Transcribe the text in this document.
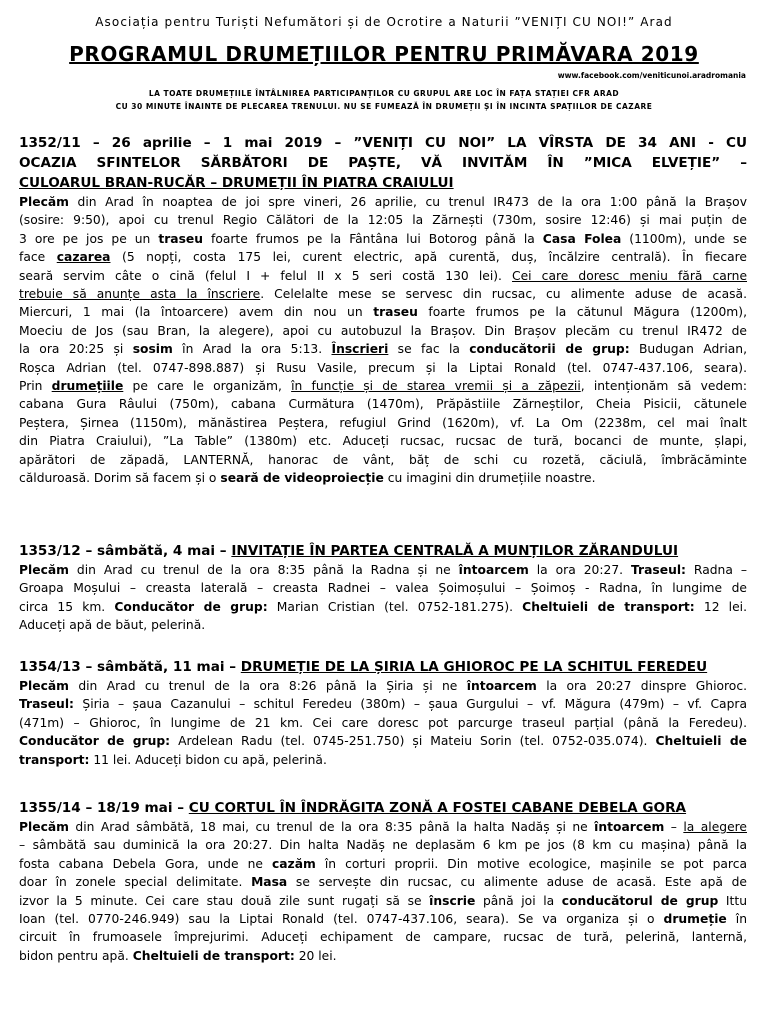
Asociația pentru Turiști Nefumători și de Ocrotire a Naturii ”VENIȚI CU NOI!” Arad
PROGRAMUL DRUMEȚIILOR PENTRU PRIMĂVARA 2019
www.facebook.com/veniticunoi.aradromania
LA TOATE DRUMEȚIILE ÎNTÂLNIREA PARTICIPANȚILOR CU GRUPUL ARE LOC ÎN FAȚA STAȚIEI CFR ARAD
CU 30 MINUTE ÎNAINTE DE PLECAREA TRENULUI. NU SE FUMEAZĂ ÎN DRUMEȚII ȘI ÎN INCINTA SPAȚIILOR DE CAZARE
1352/11 – 26 aprilie – 1 mai 2019 – ”VENIȚI CU NOI” LA VÎRSTA DE 34 ANI - CU
OCAZIA SFINTELOR SĂRBĂTORI DE PAȘTE, VĂ INVITĂM ÎN ”MICA ELVEȚIE” –
CULOARUL BRAN-RUCĂR – DRUMEȚII ÎN PIATRA CRAIULUI
Plecăm din Arad în noaptea de joi spre vineri, 26 aprilie, cu trenul IR473 de la ora 1:00 până la Brașov
(sosire: 9:50), apoi cu trenul Regio Călători de la 12:05 la Zărnești (730m, sosire 12:46) și mai puțin de
3 ore pe jos pe un traseu foarte frumos pe la Fântâna lui Botorog până la Casa Folea (1100m), unde se
face cazarea (5 nopți, costa 175 lei, curent electric, apă curentă, duș, încălzire centrală). În fiecare
seară servim câte o cină (felul I + felul II x 5 seri costă 130 lei). Cei care doresc meniu fără carne
trebuie să anunțe asta la înscriere. Celelalte mese se servesc din rucsac, cu alimente aduse de acasă.
Miercuri, 1 mai (la întoarcere) avem din nou un traseu foarte frumos pe la cătunul Măgura (1200m),
Moeciu de Jos (sau Bran, la alegere), apoi cu autobuzul la Brașov. Din Brașov plecăm cu trenul IR472 de
la ora 20:25 și sosim în Arad la ora 5:13. Înscrieri se fac la conducătorii de grup: Budugan Adrian,
Roșca Adrian (tel. 0747-898.887) și Rusu Vasile, precum și la Liptai Ronald (tel. 0747-437.106, seara).
Prin drumețiile pe care le organizăm, în funcție și de starea vremii și a zăpezii, intenționăm să vedem:
cabana Gura Râului (750m), cabana Curmătura (1470m), Prăpăstiile Zărneștilor, Cheia Pisicii, cătunele
Peștera, Șirnea (1150m), mănăstirea Peștera, refugiul Grind (1620m), vf. La Om (2238m, cel mai înalt
din Piatra Craiului), ”La Table” (1380m) etc. Aduceți rucsac, rucsac de tură, bocanci de munte, șlapi,
apărători de zăpadă, LANTERNĂ, hanorac de vânt, băț de schi cu rozetă, căciulă, îmbrăcăminte
călduroasă. Dorim să facem și o seară de videoproiecție cu imagini din drumețiile noastre.
1353/12 – sâmbătă, 4 mai – INVITAȚIE ÎN PARTEA CENTRALĂ A MUNȚILOR ZĂRANDULUI
Plecăm din Arad cu trenul de la ora 8:35 până la Radna și ne întoarcem la ora 20:27. Traseul: Radna –
Groapa Moșului – creasta laterală – creasta Radnei – valea Șoimoșului – Șoimoș - Radna, în lungime de
circa 15 km. Conducător de grup: Marian Cristian (tel. 0752-181.275). Cheltuieli de transport: 12 lei.
Aduceți apă de băut, pelerină.
1354/13 – sâmbătă, 11 mai – DRUMEȚIE DE LA ȘIRIA LA GHIOROC PE LA SCHITUL FEREDEU
Plecăm din Arad cu trenul de la ora 8:26 până la Șiria și ne întoarcem la ora 20:27 dinspre Ghioroc.
Traseul: Șiria – șaua Cazanului – schitul Feredeu (380m) – șaua Gurgului – vf. Măgura (479m) – vf. Capra
(471m) – Ghioroc, în lungime de 21 km. Cei care doresc pot parcurge traseul parțial (până la Feredeu).
Conducător de grup: Ardelean Radu (tel. 0745-251.750) și Mateiu Sorin (tel. 0752-035.074). Cheltuieli de
transport: 11 lei. Aduceți bidon cu apă, pelerină.
1355/14 – 18/19 mai – CU CORTUL ÎN ÎNDRĂGITA ZONĂ A FOSTEI CABANE DEBELA GORA
Plecăm din Arad sâmbătă, 18 mai, cu trenul de la ora 8:35 până la halta Nadăș și ne întoarcem – la alegere
– sâmbătă sau duminică la ora 20:27. Din halta Nadăș ne deplasăm 6 km pe jos (8 km cu mașina) până la
fosta cabana Debela Gora, unde ne cazăm în corturi proprii. Din motive ecologice, mașinile se pot parca
doar în zonele special delimitate. Masa se servește din rucsac, cu alimente aduse de acasă. Este apă de
izvor la 5 minute. Cei care stau două zile sunt rugați să se înscrie până joi la conducătorul de grup Ittu
Ioan (tel. 0770-246.949) sau la Liptai Ronald (tel. 0747-437.106, seara). Se va organiza și o drumeție în
circuit în frumoasele împrejurimi. Aduceți echipament de campare, rucsac de tură, pelerină, lanternă,
bidon pentru apă. Cheltuieli de transport: 20 lei.
